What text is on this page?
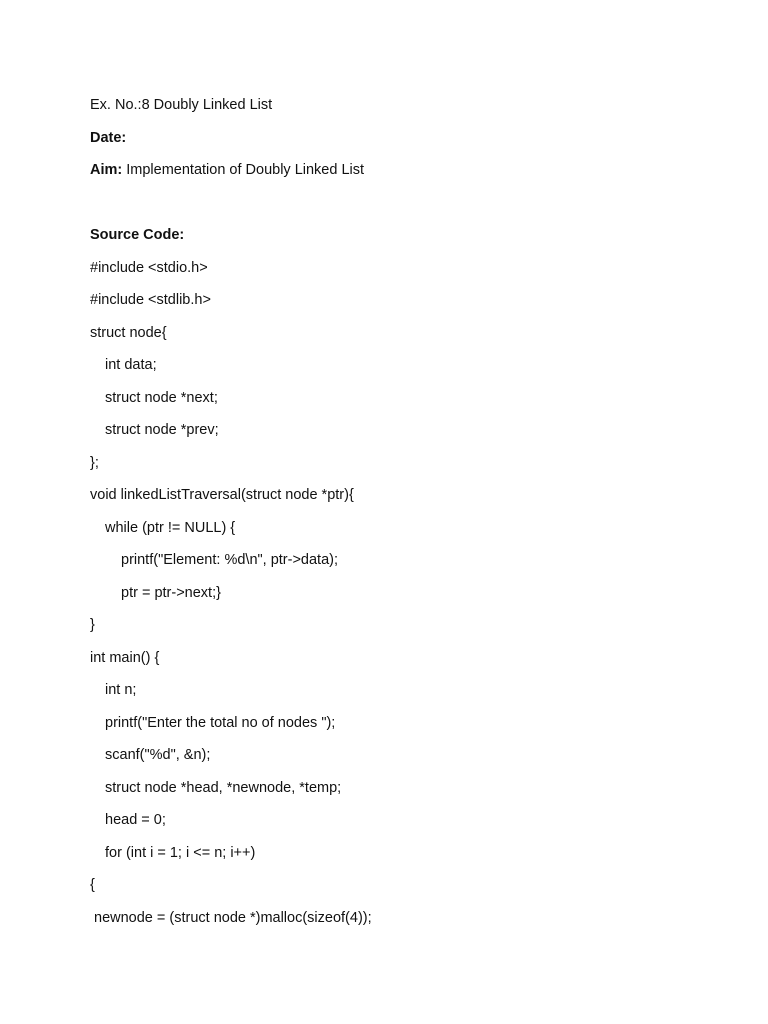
Ex. No.:8 Doubly Linked List
Date:
Aim: Implementation of Doubly Linked List
Source Code:
#include <stdio.h>
#include <stdlib.h>
struct node{
int data;
struct node *next;
struct node *prev;
};
void linkedListTraversal(struct node *ptr){
while (ptr != NULL) {
printf("Element: %d\n", ptr->data);
ptr = ptr->next;}
}
int main() {
int n;
printf("Enter the total no of nodes ");
scanf("%d", &n);
struct node *head, *newnode, *temp;
head = 0;
for (int i = 1; i <= n; i++)
{
newnode = (struct node *)malloc(sizeof(4));
